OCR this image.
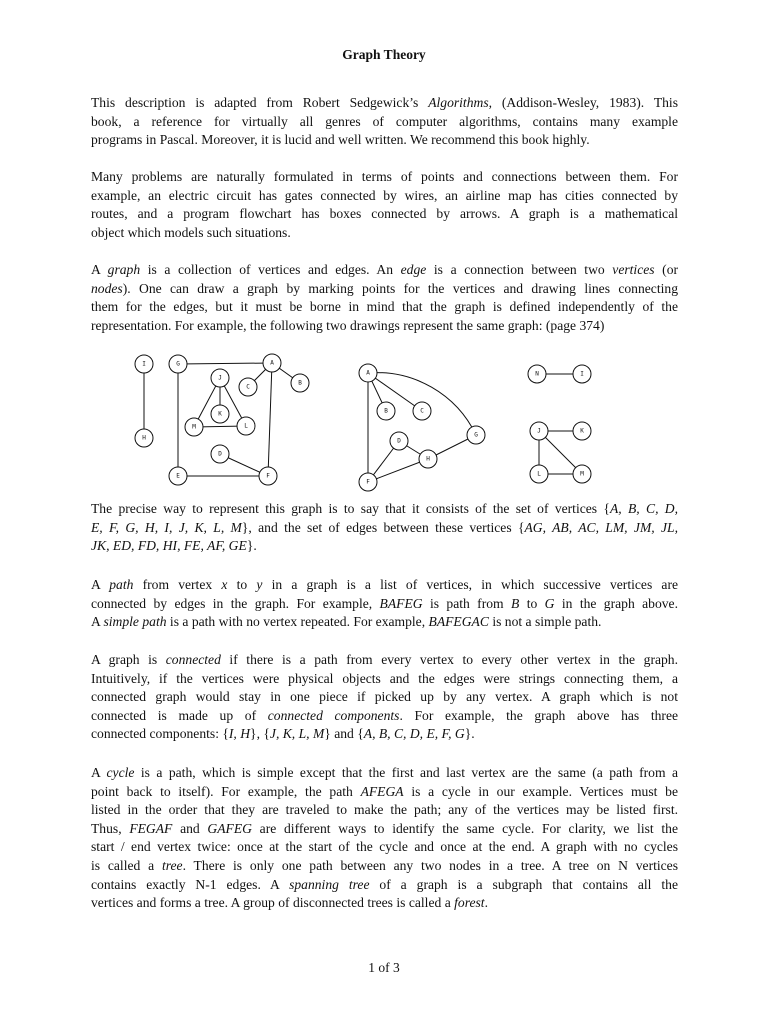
Graph Theory

This description is adapted from Robert Sedgewick’s Algorithms, (Addison-Wesley, 1983). This
book, a reference for virtually all genres of computer algorithms, contains many example
programs in Pascal. Moreover, it is lucid and well written. We recommend this book highly.

Many problems are naturally formulated in terms of points and connections between them. For
example, an electric circuit has gates connected by wires, an airline map has cities connected by
routes, and a program flowchart has boxes connected by arrows. A graph is a mathematical
object which models such situations.

A graph is a collection of vertices and edges. An edge is a connection between two vertices (or
nodes). One can draw a graph by marking points for the vertices and drawing lines connecting
them for the edges, but it must be borne in mind that the graph is defined independently of the
representation. For example, the following two drawings represent the same graph: (page 374)

I
H
G	A
B
J
C
K
M	L
D
E	F
A
B	C
D
H
G
F
N	I
J	K
L	M

The precise way to represent this graph is to say that it consists of the set of vertices {A, B, C, D,
E, F, G, H, I, J, K, L, M}, and the set of edges between these vertices {AG, AB, AC, LM, JM, JL,
JK, ED, FD, HI, FE, AF, GE}.

A path from vertex x to y in a graph is a list of vertices, in which successive vertices are
connected by edges in the graph. For example, BAFEG is path from B to G in the graph above.
A simple path is a path with no vertex repeated. For example, BAFEGAC is not a simple path.

A graph is connected if there is a path from every vertex to every other vertex in the graph.
Intuitively, if the vertices were physical objects and the edges were strings connecting them, a
connected graph would stay in one piece if picked up by any vertex. A graph which is not
connected is made up of connected components. For example, the graph above has three
connected components: {I, H}, {J, K, L, M} and {A, B, C, D, E, F, G}.

A cycle is a path, which is simple except that the first and last vertex are the same (a path from a
point back to itself). For example, the path AFEGA is a cycle in our example. Vertices must be
listed in the order that they are traveled to make the path; any of the vertices may be listed first.
Thus, FEGAF and GAFEG are different ways to identify the same cycle. For clarity, we list the
start / end vertex twice: once at the start of the cycle and once at the end. A graph with no cycles
is called a tree. There is only one path between any two nodes in a tree. A tree on N vertices
contains exactly N-1 edges. A spanning tree of a graph is a subgraph that contains all the
vertices and forms a tree. A group of disconnected trees is called a forest.

1 of 3
